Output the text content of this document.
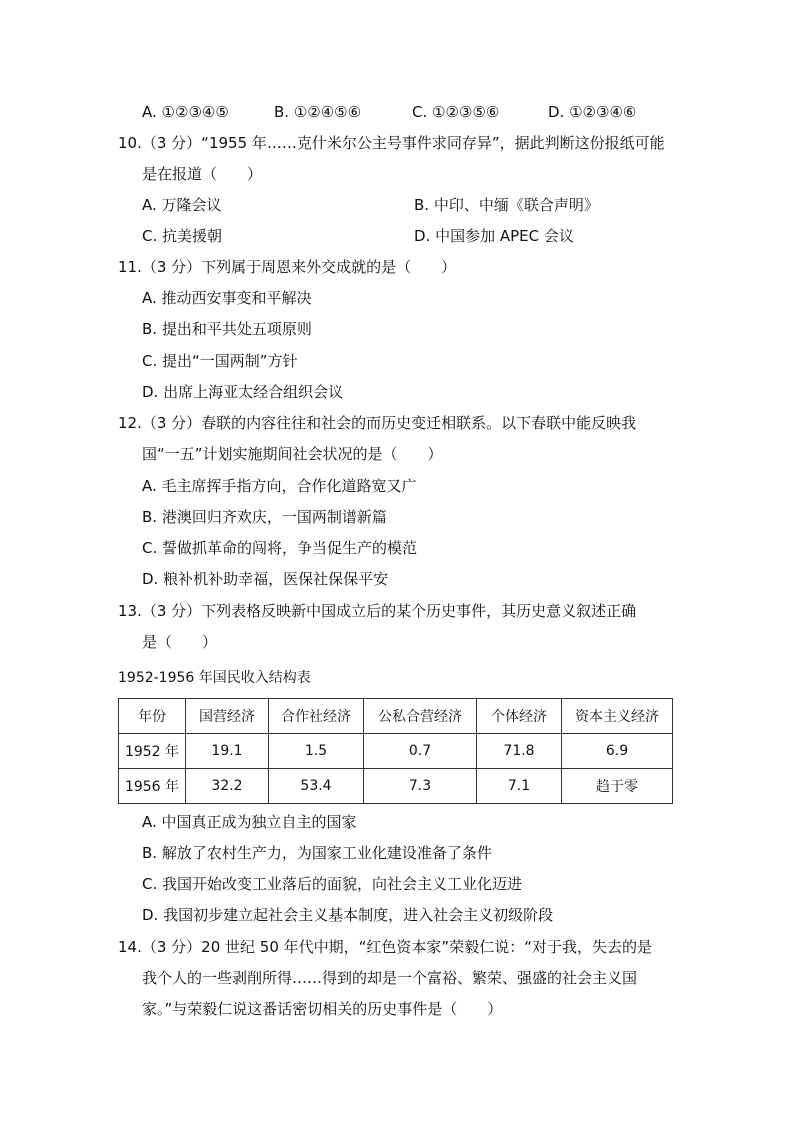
A. ①②③④⑤	B. ①②④⑤⑥	C. ①②③⑤⑥	D. ①②③④⑥
10.（3 分）“1955 年……克什米尔公主号事件求同存异”，据此判断这份报纸可能
是在报道（　　）
A. 万隆会议	B. 中印、中缅《联合声明》
C. 抗美援朝	D. 中国参加 APEC 会议
11.（3 分）下列属于周恩来外交成就的是（　　）
A. 推动西安事变和平解决
B. 提出和平共处五项原则
C. 提出“一国两制”方针
D. 出席上海亚太经合组织会议
12.（3 分）春联的内容往往和社会的而历史变迁相联系。以下春联中能反映我
国“一五”计划实施期间社会状况的是（　　）
A. 毛主席挥手指方向，合作化道路宽又广
B. 港澳回归齐欢庆，一国两制谱新篇
C. 誓做抓革命的闯将，争当促生产的模范
D. 粮补机补助幸福，医保社保保平安
13.（3 分）下列表格反映新中国成立后的某个历史事件，其历史意义叙述正确
是（　　）
1952-1956 年国民收入结构表
年份	国营经济	合作社经济	公私合营经济	个体经济	资本主义经济
1952 年	19.1	1.5	0.7	71.8	6.9
1956 年	32.2	53.4	7.3	7.1	趋于零
A. 中国真正成为独立自主的国家
B. 解放了农村生产力，为国家工业化建设准备了条件
C. 我国开始改变工业落后的面貌，向社会主义工业化迈进
D. 我国初步建立起社会主义基本制度，进入社会主义初级阶段
14.（3 分）20 世纪 50 年代中期，“红色资本家”荣毅仁说：“对于我，失去的是
我个人的一些剥削所得……得到的却是一个富裕、繁荣、强盛的社会主义国
家。”与荣毅仁说这番话密切相关的历史事件是（　　）
